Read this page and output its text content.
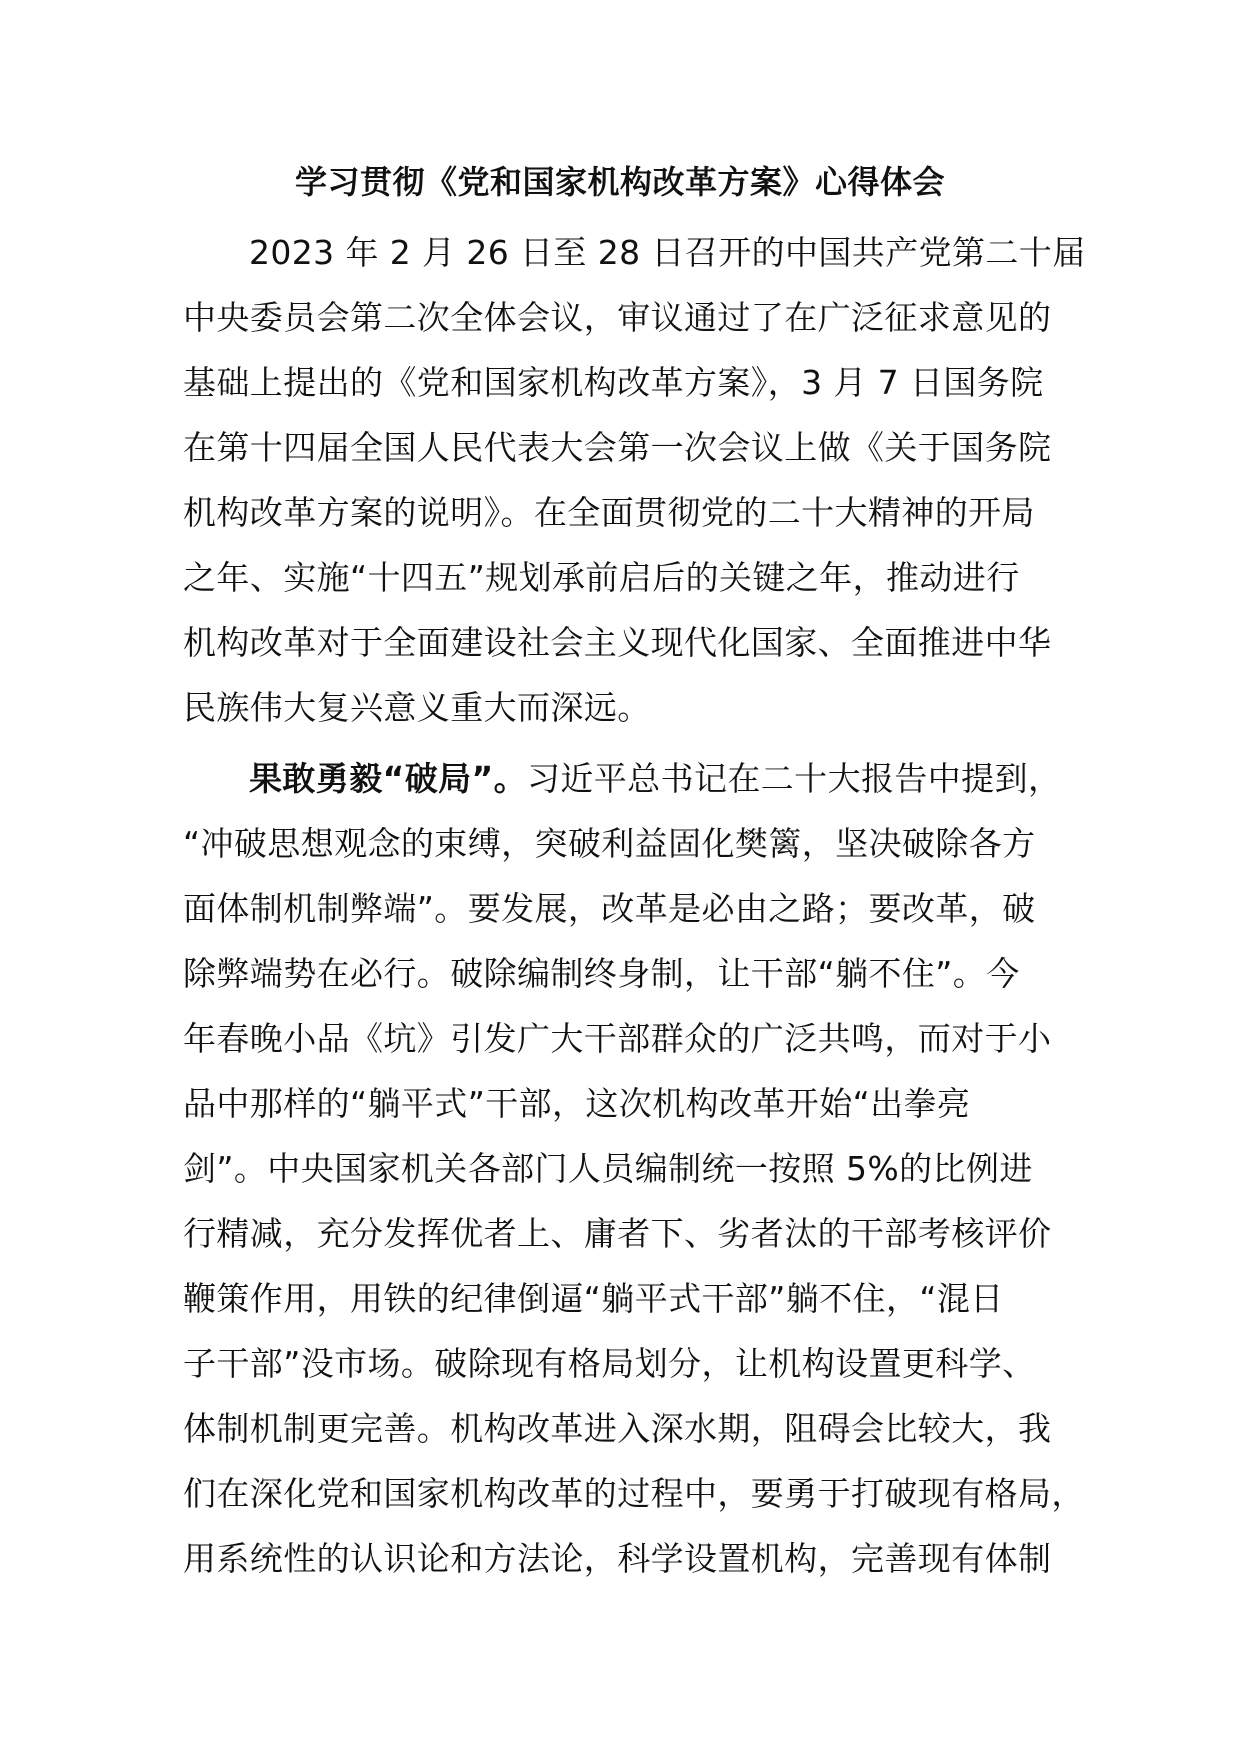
学习贯彻《党和国家机构改革方案》心得体会
2023 年 2 月 26 日至 28 日召开的中国共产党第二十届
中央委员会第二次全体会议，审议通过了在广泛征求意见的
基础上提出的《党和国家机构改革方案》，3 月 7 日国务院
在第十四届全国人民代表大会第一次会议上做《关于国务院
机构改革方案的说明》。在全面贯彻党的二十大精神的开局
之年、实施“十四五”规划承前启后的关键之年，推动进行
机构改革对于全面建设社会主义现代化国家、全面推进中华
民族伟大复兴意义重大而深远。
果敢勇毅“破局”。习近平总书记在二十大报告中提到，
“冲破思想观念的束缚，突破利益固化樊篱，坚决破除各方
面体制机制弊端”。要发展，改革是必由之路；要改革，破
除弊端势在必行。破除编制终身制，让干部“躺不住”。今
年春晚小品《坑》引发广大干部群众的广泛共鸣，而对于小
品中那样的“躺平式”干部，这次机构改革开始“出拳亮
剑”。中央国家机关各部门人员编制统一按照 5%的比例进
行精减，充分发挥优者上、庸者下、劣者汰的干部考核评价
鞭策作用，用铁的纪律倒逼“躺平式干部”躺不住，“混日
子干部”没市场。破除现有格局划分，让机构设置更科学、
体制机制更完善。机构改革进入深水期，阻碍会比较大，我
们在深化党和国家机构改革的过程中，要勇于打破现有格局，
用系统性的认识论和方法论，科学设置机构，完善现有体制
